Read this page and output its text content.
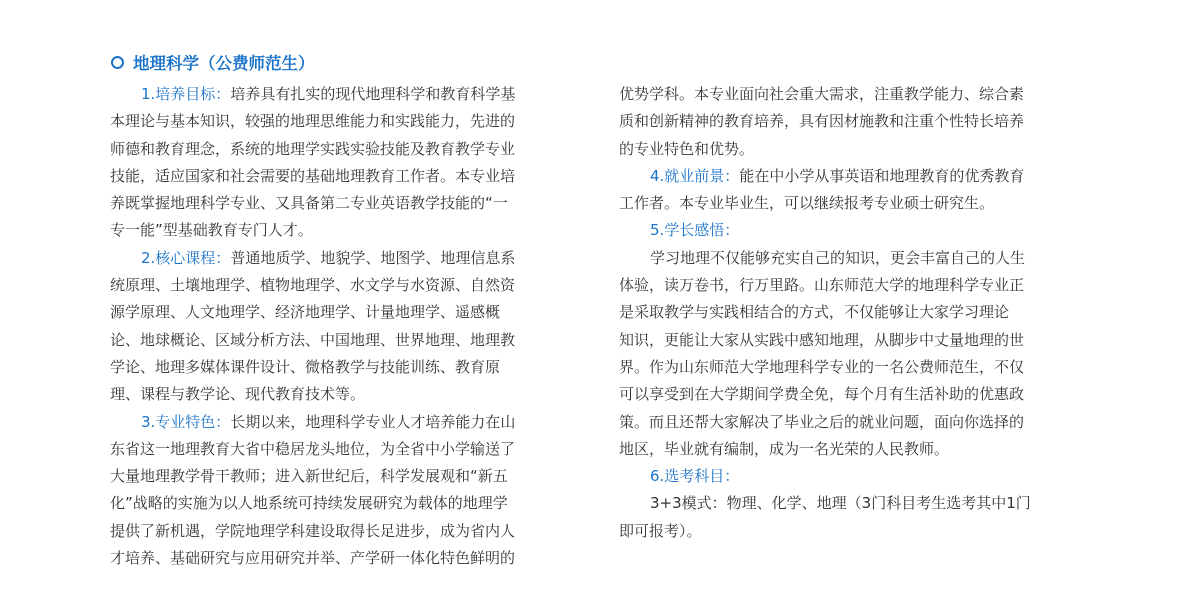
地理科学（公费师范生）
1.培养目标：培养具有扎实的现代地理科学和教育科学基
本理论与基本知识，较强的地理思维能力和实践能力，先进的
师德和教育理念，系统的地理学实践实验技能及教育教学专业
技能，适应国家和社会需要的基础地理教育工作者。本专业培
养既掌握地理科学专业、又具备第二专业英语教学技能的“一
专一能”型基础教育专门人才。
2.核心课程：普通地质学、地貌学、地图学、地理信息系
统原理、土壤地理学、植物地理学、水文学与水资源、自然资
源学原理、人文地理学、经济地理学、计量地理学、遥感概
论、地球概论、区域分析方法、中国地理、世界地理、地理教
学论、地理多媒体课件设计、微格教学与技能训练、教育原
理、课程与教学论、现代教育技术等。
3.专业特色：长期以来，地理科学专业人才培养能力在山
东省这一地理教育大省中稳居龙头地位，为全省中小学输送了
大量地理教学骨干教师；进入新世纪后，科学发展观和“新五
化”战略的实施为以人地系统可持续发展研究为载体的地理学
提供了新机遇，学院地理学科建设取得长足进步，成为省内人
才培养、基础研究与应用研究并举、产学研一体化特色鲜明的
优势学科。本专业面向社会重大需求，注重教学能力、综合素
质和创新精神的教育培养，具有因材施教和注重个性特长培养
的专业特色和优势。
4.就业前景：能在中小学从事英语和地理教育的优秀教育
工作者。本专业毕业生，可以继续报考专业硕士研究生。
5.学长感悟：
学习地理不仅能够充实自己的知识，更会丰富自己的人生
体验，读万卷书，行万里路。山东师范大学的地理科学专业正
是采取教学与实践相结合的方式，不仅能够让大家学习理论
知识，更能让大家从实践中感知地理，从脚步中丈量地理的世
界。作为山东师范大学地理科学专业的一名公费师范生，不仅
可以享受到在大学期间学费全免，每个月有生活补助的优惠政
策。而且还帮大家解决了毕业之后的就业问题，面向你选择的
地区，毕业就有编制，成为一名光荣的人民教师。
6.选考科目：
3+3模式：物理、化学、地理（3门科目考生选考其中1门
即可报考）。
